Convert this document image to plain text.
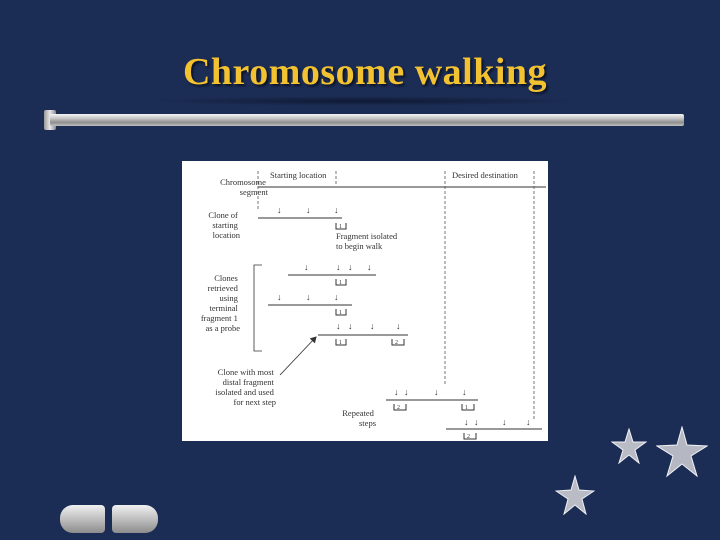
Chromosome walking
Chromosome segment
Clone of starting location
Clones retrieved using terminal fragment 1 as a probe
Clone with most distal fragment isolated and used for next step
Repeated steps
Starting location	Desired destination
↓	↓	↓
1
Fragment isolated to begin walk
↓	↓ ↓ ↓
1
↓	↓	↓
1
↓ ↓ ↓ ↓
1	2
↓ ↓	↓	↓
2	1
↓ ↓	↓ ↓
2
